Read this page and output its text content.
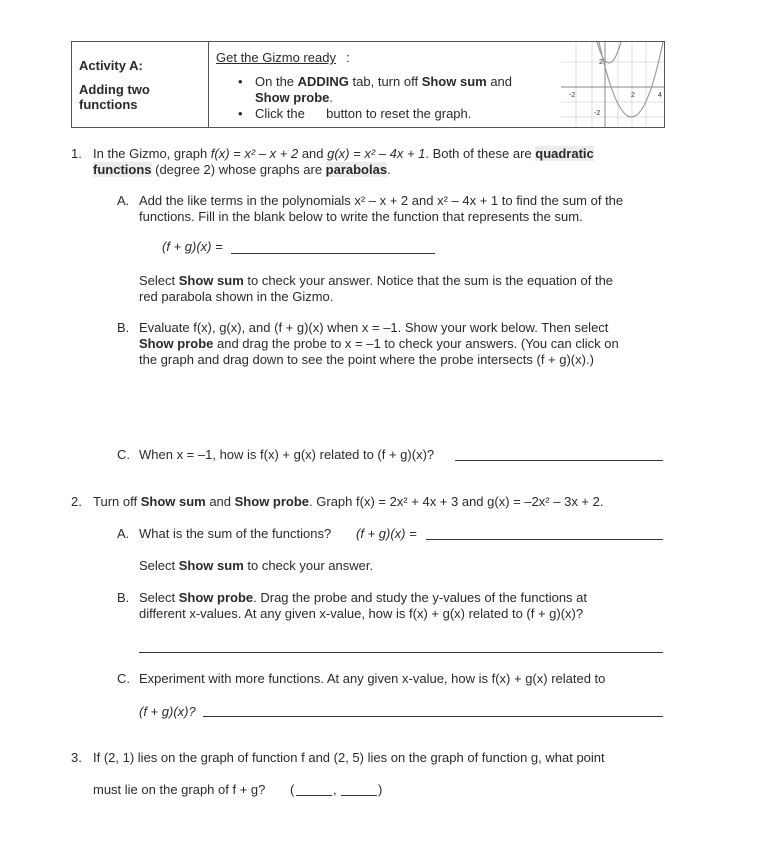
Activity A:
Adding two functions
Get the Gizmo ready :
• On the ADDING tab, turn off Show sum and
Show probe.
• Click the button to reset the graph.
-2	2	4
2
-2
1. In the Gizmo, graph f(x) = x² – x + 2 and g(x) = x² – 4x + 1. Both of these are quadratic
functions (degree 2) whose graphs are parabolas.
A. Add the like terms in the polynomials x² – x + 2 and x² – 4x + 1 to find the sum of the
functions. Fill in the blank below to write the function that represents the sum.
(f + g)(x) =
Select Show sum to check your answer. Notice that the sum is the equation of the
red parabola shown in the Gizmo.
B. Evaluate f(x), g(x), and (f + g)(x) when x = –1. Show your work below. Then select
Show probe and drag the probe to x = –1 to check your answers. (You can click on
the graph and drag down to see the point where the probe intersects (f + g)(x).)
C. When x = –1, how is f(x) + g(x) related to (f + g)(x)?
2. Turn off Show sum and Show probe. Graph f(x) = 2x² + 4x + 3 and g(x) = –2x² – 3x + 2.
A. What is the sum of the functions? (f + g)(x) =
Select Show sum to check your answer.
B. Select Show probe. Drag the probe and study the y-values of the functions at
different x-values. At any given x-value, how is f(x) + g(x) related to (f + g)(x)?
C. Experiment with more functions. At any given x-value, how is f(x) + g(x) related to
(f + g)(x)?
3. If (2, 1) lies on the graph of function f and (2, 5) lies on the graph of function g, what point
must lie on the graph of f + g? (	,	)
